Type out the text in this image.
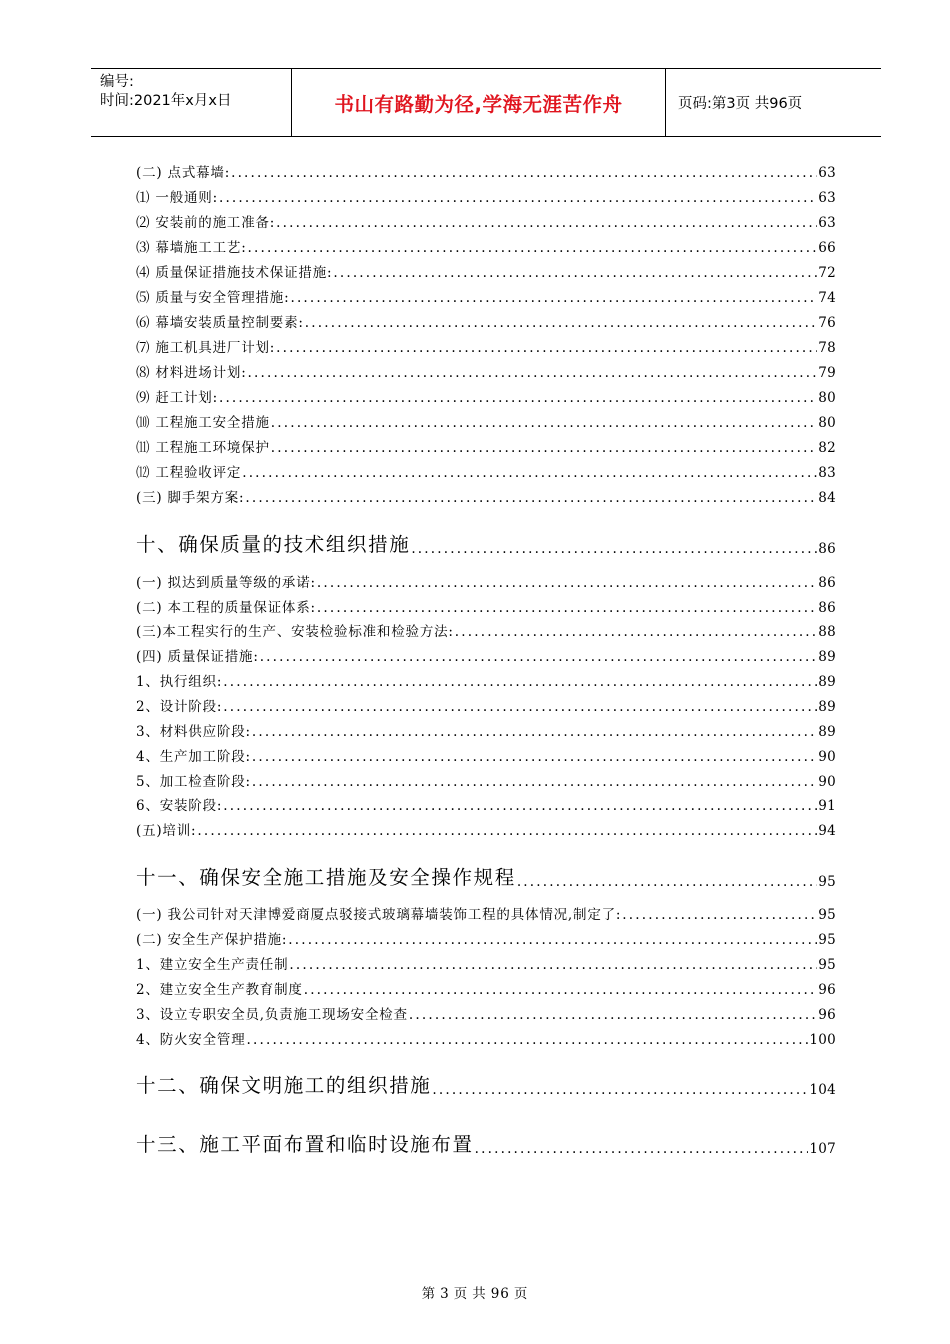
编号:
时间:2021年x月x日	书山有路勤为径,学海无涯苦作舟	页码:第3页 共96页
(二) 点式幕墙: .....	63
⑴ 一般通则: .....	63
⑵ 安装前的施工准备: .....	63
⑶ 幕墙施工工艺: .....	66
⑷ 质量保证措施技术保证措施: .....	72
⑸ 质量与安全管理措施: .....	74
⑹ 幕墙安装质量控制要素: .....	76
⑺ 施工机具进厂计划: .....	78
⑻ 材料进场计划: .....	79
⑼ 赶工计划: .....	80
⑽ 工程施工安全措施 .....	80
⑾ 工程施工环境保护 .....	82
⑿ 工程验收评定 .....	83
(三) 脚手架方案: .....	84
十、确保质量的技术组织措施 .....	86
(一) 拟达到质量等级的承诺: .....	86
(二) 本工程的质量保证体系: .....	86
(三)本工程实行的生产、安装检验标准和检验方法: .....	88
(四) 质量保证措施: .....	89
1、执行组织: .....	89
2、设计阶段: .....	89
3、材料供应阶段: .....	89
4、生产加工阶段: .....	90
5、加工检查阶段: .....	90
6、安装阶段: .....	91
(五)培训: .....	94
十一、确保安全施工措施及安全操作规程 .....	95
(一) 我公司针对天津博爱商厦点驳接式玻璃幕墙装饰工程的具体情况,制定了: .....	95
(二) 安全生产保护措施: .....	95
1、建立安全生产责任制 .....	95
2、建立安全生产教育制度 .....	96
3、设立专职安全员,负责施工现场安全检查 .....	96
4、防火安全管理 .....	100
十二、确保文明施工的组织措施 .....	104
十三、施工平面布置和临时设施布置 .....	107
第 3 页 共 96 页
